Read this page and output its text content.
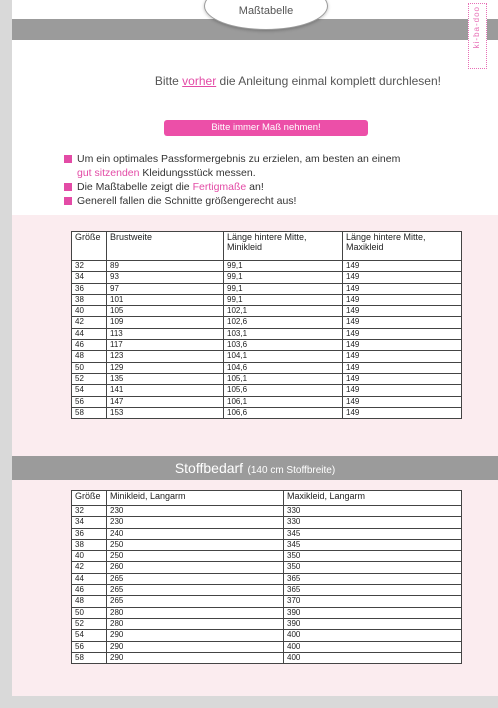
Maßtabelle	ki-ba-doo
Bitte vorher die Anleitung einmal komplett durchlesen!
Bitte immer Maß nehmen!
Um ein optimales Passformergebnis zu erzielen, am besten an einem
gut sitzenden Kleidungsstück messen.
Die Maßtabelle zeigt die Fertigmaße an!
Generell fallen die Schnitte größengerecht aus!
Größe	Brustweite	Länge hintere Mitte, Minikleid	Länge hintere Mitte, Maxikleid
32	89	99,1	149
34	93	99,1	149
36	97	99,1	149
38	101	99,1	149
40	105	102,1	149
42	109	102,6	149
44	113	103,1	149
46	117	103,6	149
48	123	104,1	149
50	129	104,6	149
52	135	105,1	149
54	141	105,6	149
56	147	106,1	149
58	153	106,6	149
Stoffbedarf (140 cm Stoffbreite)
Größe	Minikleid, Langarm	Maxikleid, Langarm
32	230	330
34	230	330
36	240	345
38	250	345
40	250	350
42	260	350
44	265	365
46	265	365
48	265	370
50	280	390
52	280	390
54	290	400
56	290	400
58	290	400
